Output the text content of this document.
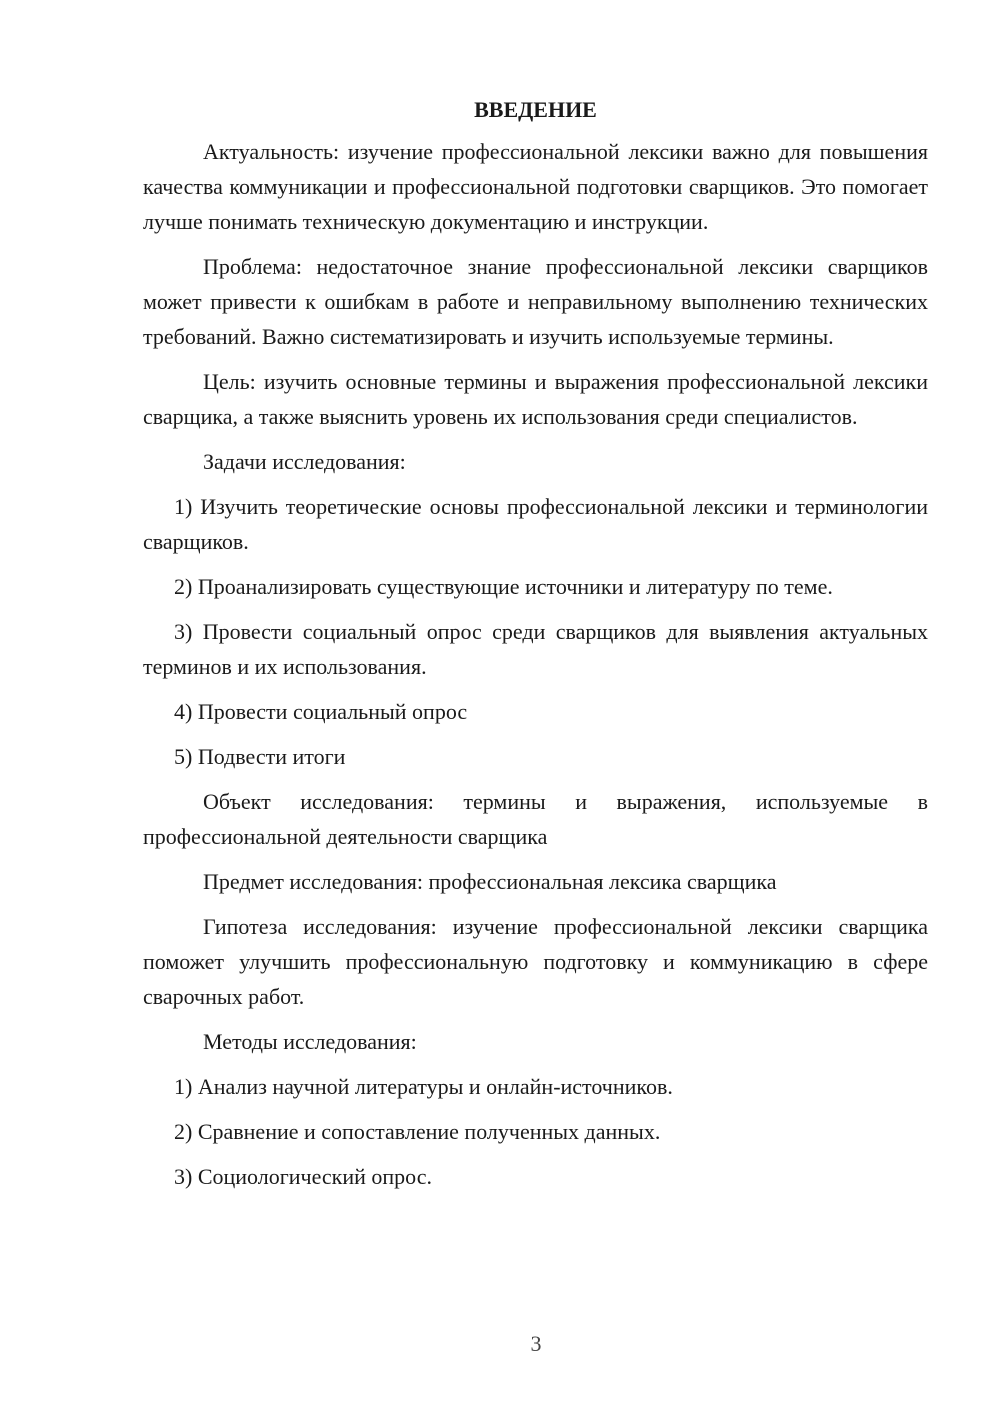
ВВЕДЕНИЕ

Актуальность: изучение профессиональной лексики важно для повышения качества коммуникации и профессиональной подготовки сварщиков. Это помогает лучше понимать техническую документацию и инструкции.

Проблема: недостаточное знание профессиональной лексики сварщиков может привести к ошибкам в работе и неправильному выполнению технических требований. Важно систематизировать и изучить используемые термины.

Цель: изучить основные термины и выражения профессиональной лексики сварщика, а также выяснить уровень их использования среди специалистов.

Задачи исследования:

1) Изучить теоретические основы профессиональной лексики и терминологии сварщиков.

2) Проанализировать существующие источники и литературу по теме.

3) Провести социальный опрос среди сварщиков для выявления актуальных терминов и их использования.

4) Провести социальный опрос

5) Подвести итоги

Объект исследования: термины и выражения, используемые в профессиональной деятельности сварщика

Предмет исследования: профессиональная лексика сварщика

Гипотеза исследования: изучение профессиональной лексики сварщика поможет улучшить профессиональную подготовку и коммуникацию в сфере сварочных работ.

Методы исследования:

1) Анализ научной литературы и онлайн-источников.

2) Сравнение и сопоставление полученных данных.

3) Социологический опрос.

3
